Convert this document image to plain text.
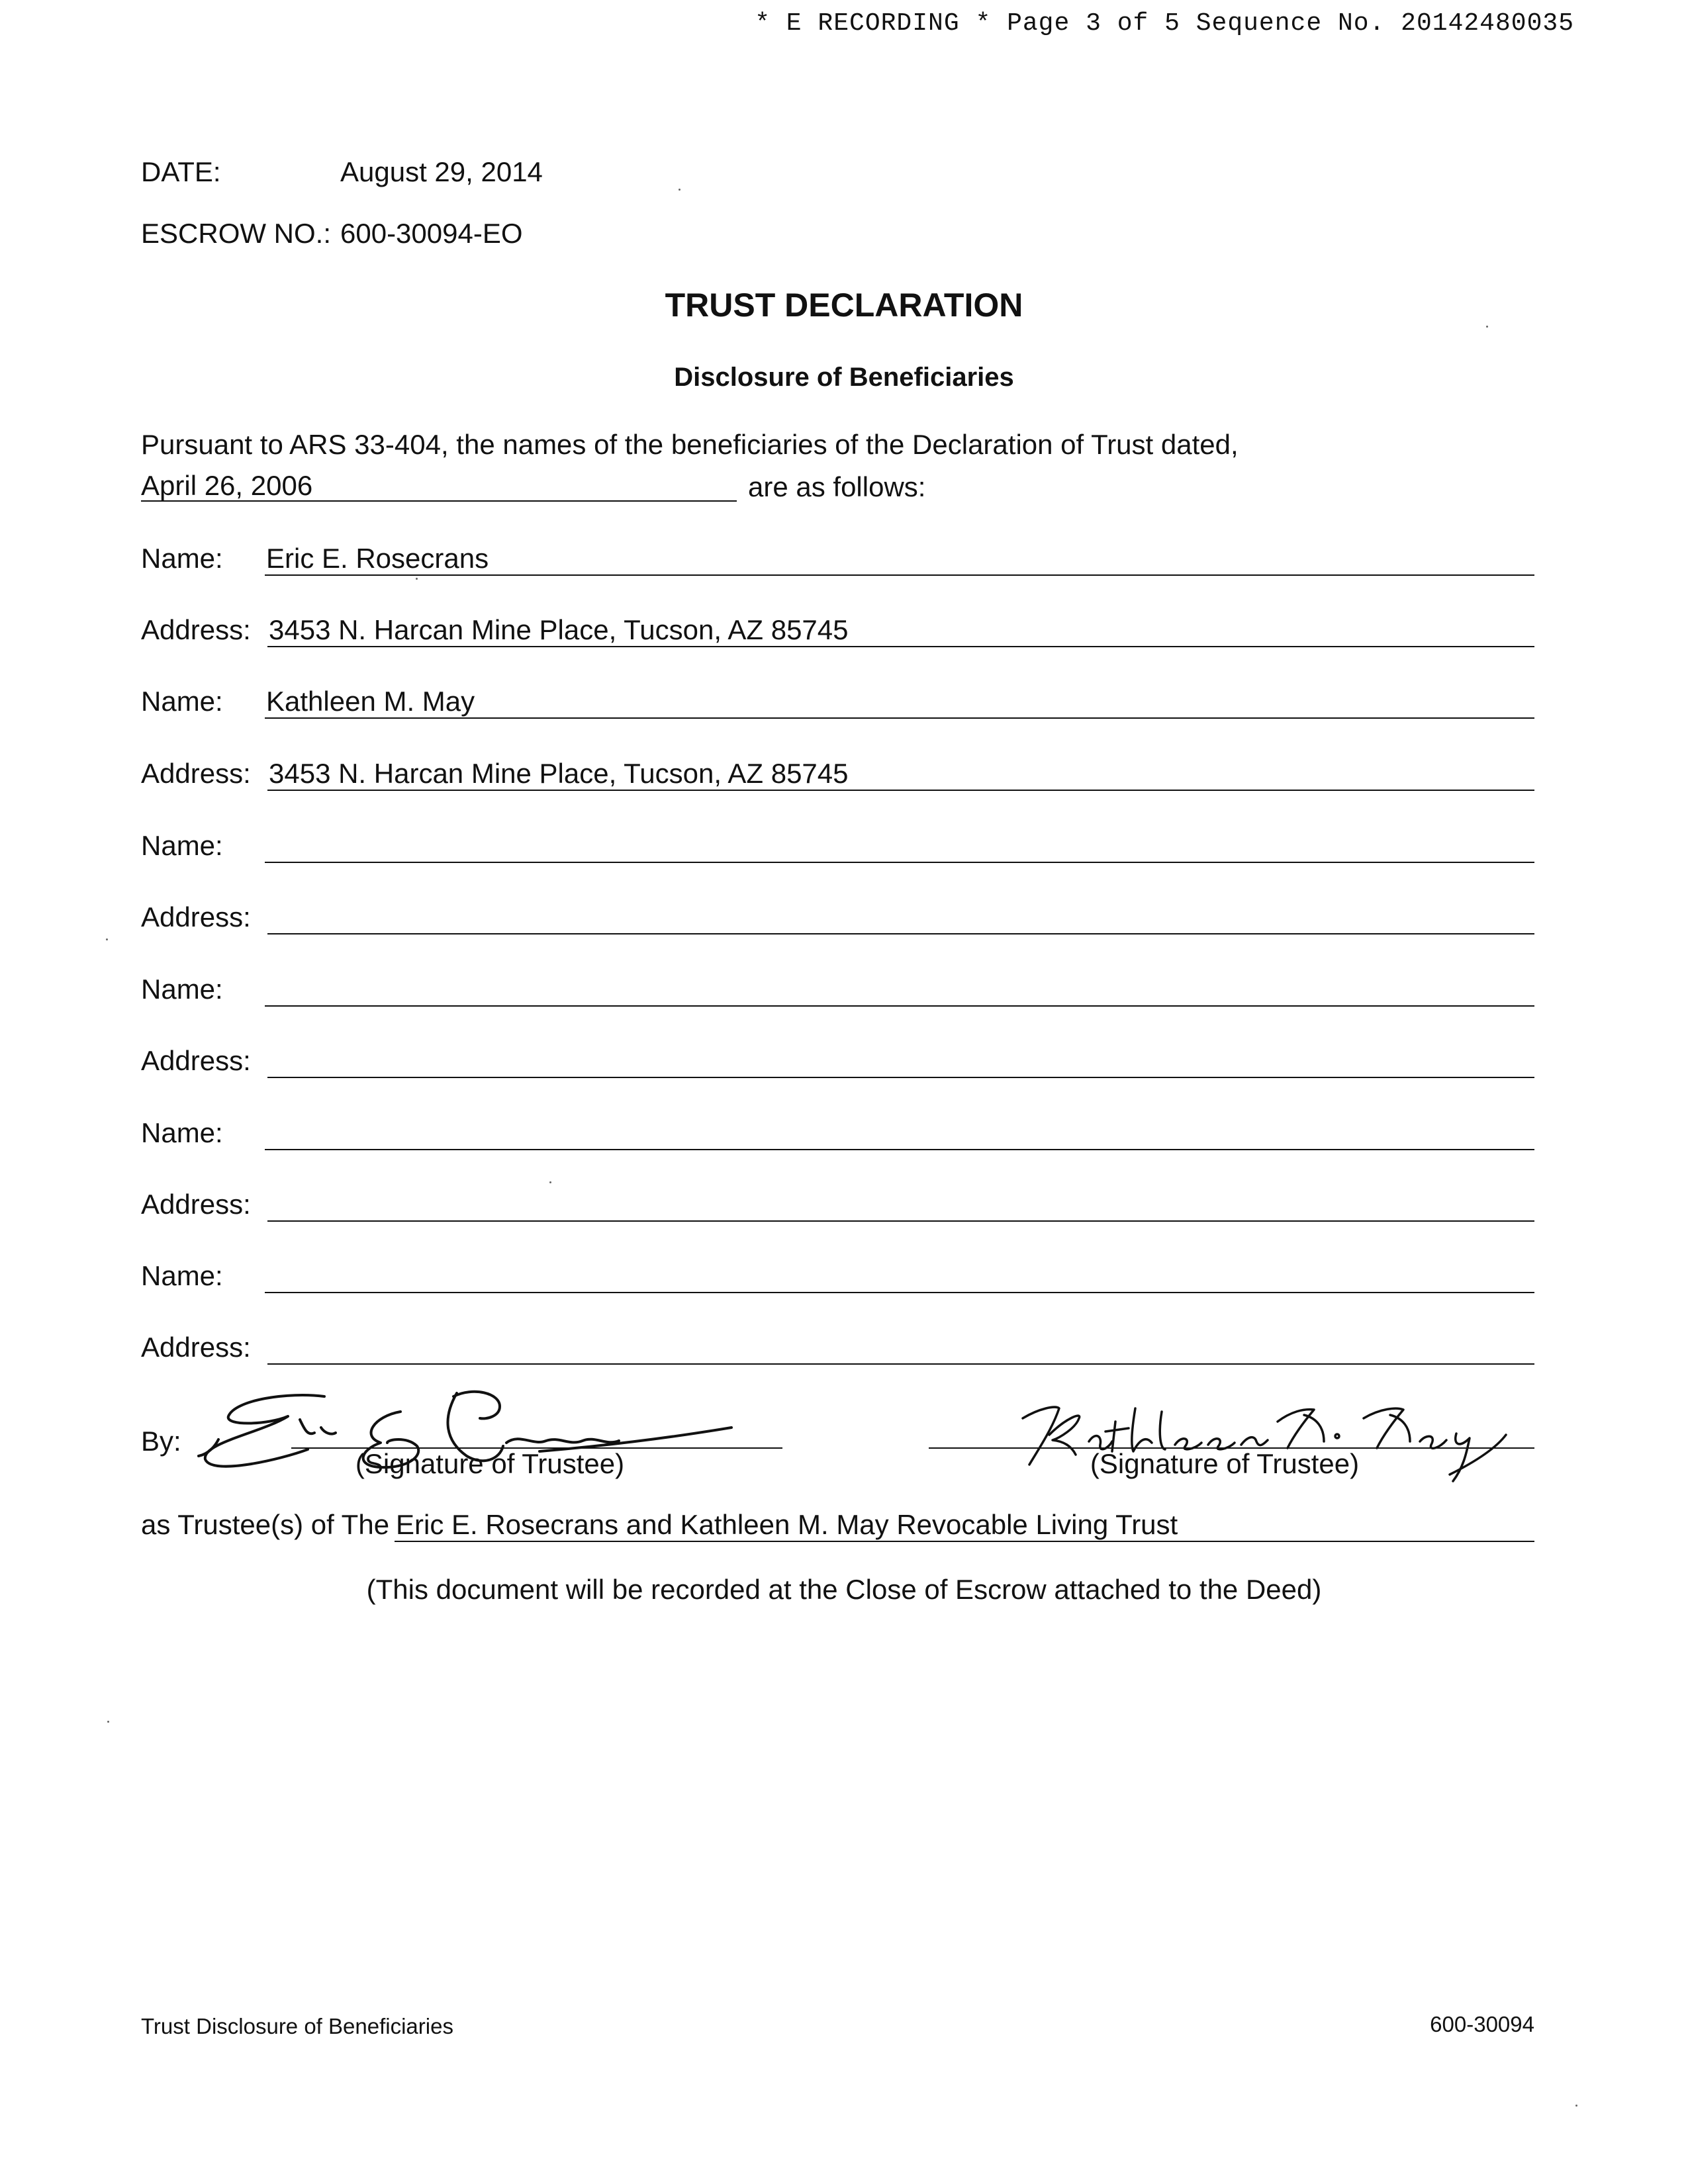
* E RECORDING * Page 3 of 5 Sequence No. 20142480035
DATE:	August 29, 2014
ESCROW NO.: 600-30094-EO
TRUST DECLARATION
Disclosure of Beneficiaries
Pursuant to ARS 33-404, the names of the beneficiaries of the Declaration of Trust dated,
April 26, 2006	are as follows:
Name: Eric E. Rosecrans
Address: 3453 N. Harcan Mine Place, Tucson, AZ 85745
Name: Kathleen M. May
Address: 3453 N. Harcan Mine Place, Tucson, AZ 85745
Name:
Address:
Name:
Address:
Name:
Address:
Name:
Address:
By:
(Signature of Trustee)	(Signature of Trustee)
as Trustee(s) of The Eric E. Rosecrans and Kathleen M. May Revocable Living Trust
(This document will be recorded at the Close of Escrow attached to the Deed)
Trust Disclosure of Beneficiaries	600-30094
